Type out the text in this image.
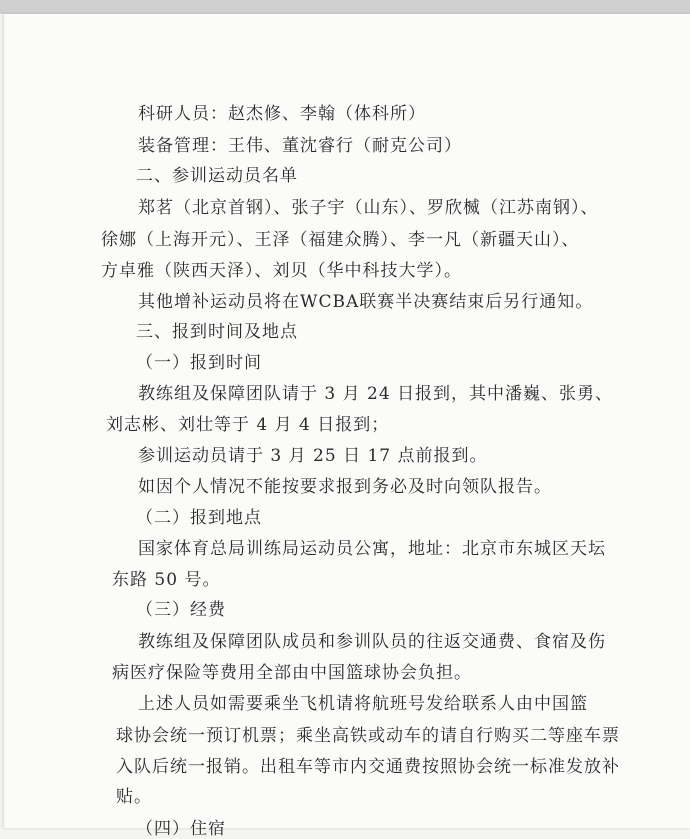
科研人员：赵杰修、李翰（体科所）
装备管理：王伟、董沈睿行（耐克公司）
二、参训运动员名单
郑茗（北京首钢）、张子宇（山东）、罗欣楲（江苏南钢）、
徐娜（上海开元）、王泽（福建众腾）、李一凡（新疆天山）、
方卓雅（陕西天泽）、刘贝（华中科技大学）。
其他增补运动员将在WCBA联赛半决赛结束后另行通知。
三、报到时间及地点
（一）报到时间
教练组及保障团队请于 3 月 24 日报到，其中潘巍、张勇、
刘志彬、刘壮等于 4 月 4 日报到；
参训运动员请于 3 月 25 日 17 点前报到。
如因个人情况不能按要求报到务必及时向领队报告。
（二）报到地点
国家体育总局训练局运动员公寓，地址：北京市东城区天坛
东路 50 号。
（三）经费
教练组及保障团队成员和参训队员的往返交通费、食宿及伤
病医疗保险等费用全部由中国篮球协会负担。
上述人员如需要乘坐飞机请将航班号发给联系人由中国篮
球协会统一预订机票；乘坐高铁或动车的请自行购买二等座车票
入队后统一报销。出租车等市内交通费按照协会统一标准发放补
贴。
（四）住宿
